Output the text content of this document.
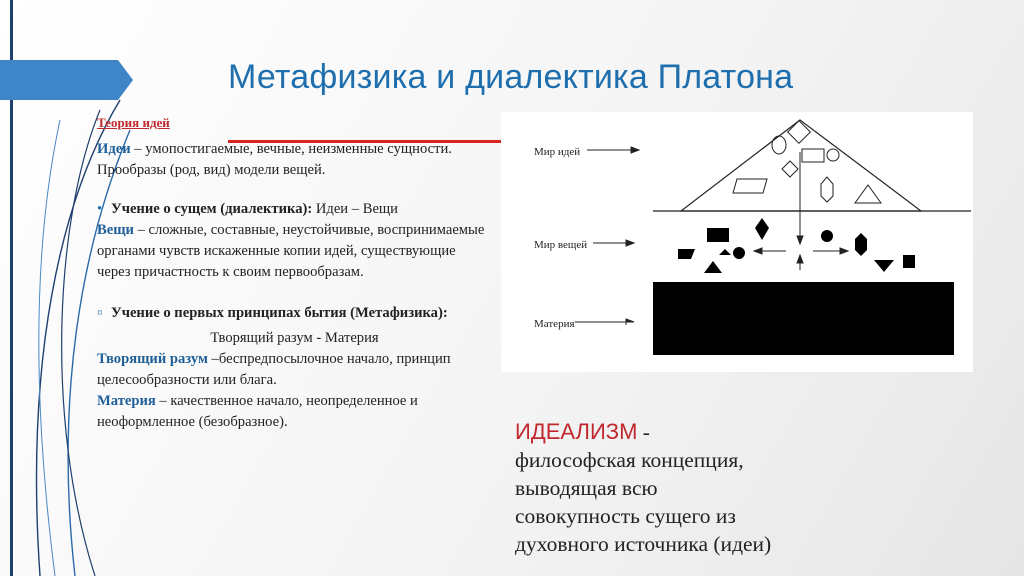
Метафизика и диалектика Платона

Теория идей

Идеи – умопостигаемые, вечные, неизменные сущности. Прообразы (род, вид) модели вещей.

• Учение о сущем (диалектика): Идеи – Вещи

Вещи – сложные, составные, неустойчивые, воспринимаемые органами чувств искаженные копии идей, существующие через причастность к своим первообразам.

▫ Учение о первых принципах бытия (Метафизика):

Творящий разум - Материя

Творящий разум –беспредпосылочное начало, принцип целесообразности или блага.

Материя – качественное начало, неопределенное и неоформленное (безобразное).

Мир идей
Мир вещей
Материя
ИДЕАЛИЗМ -
философская концепция, выводящая всю совокупность сущего из духовного источника (идеи)
